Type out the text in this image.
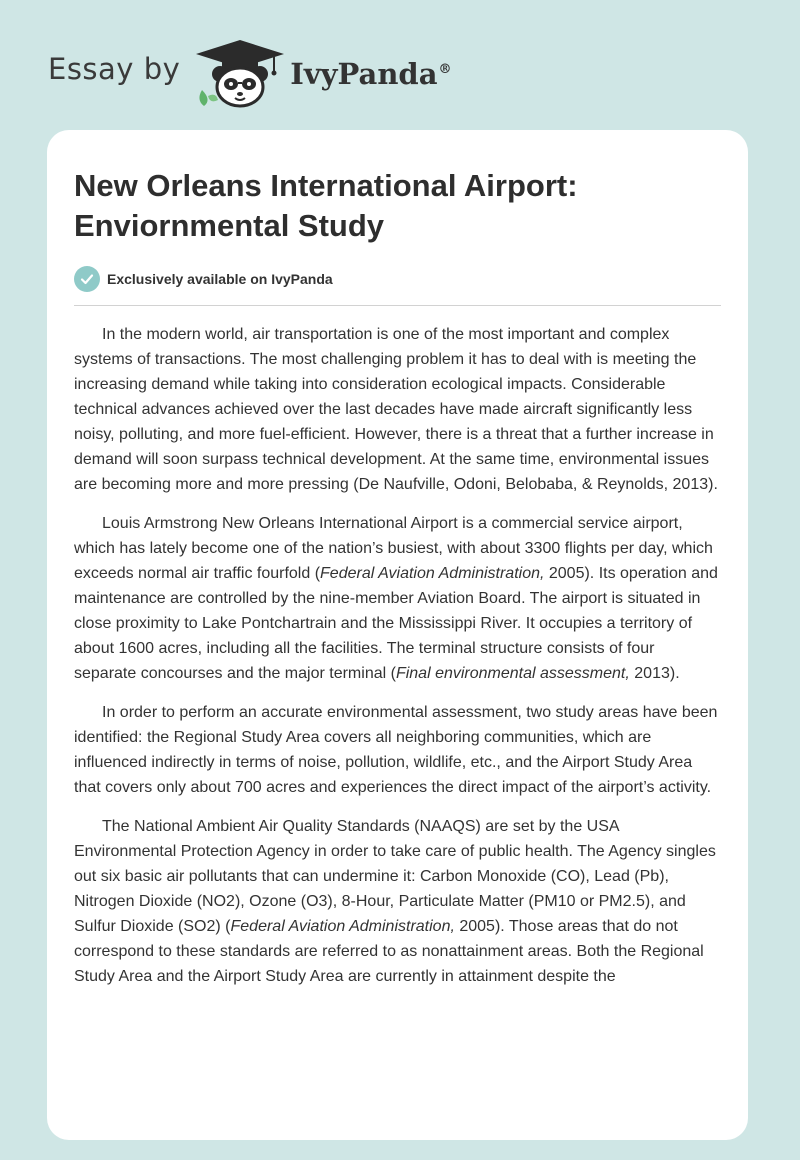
Essay by	IvyPanda®
New Orleans International Airport: Enviornmental Study
Exclusively available on IvyPanda

In the modern world, air transportation is one of the most important and complex systems of transactions. The most challenging problem it has to deal with is meeting the increasing demand while taking into consideration ecological impacts. Considerable technical advances achieved over the last decades have made aircraft significantly less noisy, polluting, and more fuel-efficient. However, there is a threat that a further increase in demand will soon surpass technical development. At the same time, environmental issues are becoming more and more pressing (De Naufville, Odoni, Belobaba, & Reynolds, 2013).

Louis Armstrong New Orleans International Airport is a commercial service airport, which has lately become one of the nation’s busiest, with about 3300 flights per day, which exceeds normal air traffic fourfold (Federal Aviation Administration, 2005). Its operation and maintenance are controlled by the nine-member Aviation Board. The airport is situated in close proximity to Lake Pontchartrain and the Mississippi River. It occupies a territory of about 1600 acres, including all the facilities. The terminal structure consists of four separate concourses and the major terminal (Final environmental assessment, 2013).

In order to perform an accurate environmental assessment, two study areas have been identified: the Regional Study Area covers all neighboring communities, which are influenced indirectly in terms of noise, pollution, wildlife, etc., and the Airport Study Area that covers only about 700 acres and experiences the direct impact of the airport’s activity.

The National Ambient Air Quality Standards (NAAQS) are set by the USA Environmental Protection Agency in order to take care of public health. The Agency singles out six basic air pollutants that can undermine it: Carbon Monoxide (CO), Lead (Pb), Nitrogen Dioxide (NO2), Ozone (O3), 8-Hour, Particulate Matter (PM10 or PM2.5), and Sulfur Dioxide (SO2) (Federal Aviation Administration, 2005). Those areas that do not correspond to these standards are referred to as nonattainment areas. Both the Regional Study Area and the Airport Study Area are currently in attainment despite the
